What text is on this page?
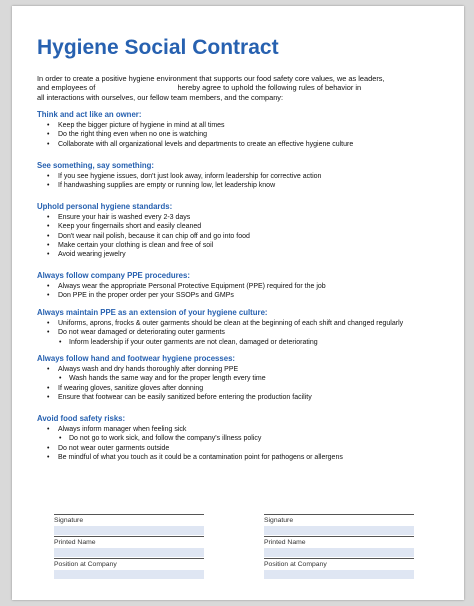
Hygiene Social Contract
In order to create a positive hygiene environment that supports our food safety core values, we as leaders,
and employees of	hereby agree to uphold the following rules of behavior in
all interactions with ourselves, our fellow team members, and the company:
Think and act like an owner:
• Keep the bigger picture of hygiene in mind at all times
• Do the right thing even when no one is watching
• Collaborate with all organizational levels and departments to create an effective hygiene culture
See something, say something:
• If you see hygiene issues, don't just look away, inform leadership for corrective action
• If handwashing supplies are empty or running low, let leadership know
Uphold personal hygiene standards:
• Ensure your hair is washed every 2-3 days
• Keep your fingernails short and easily cleaned
• Don't wear nail polish, because it can chip off and go into food
• Make certain your clothing is clean and free of soil
• Avoid wearing jewelry
Always follow company PPE procedures:
• Always wear the appropriate Personal Protective Equipment (PPE) required for the job
• Don PPE in the proper order per your SSOPs and GMPs
Always maintain PPE as an extension of your hygiene culture:
• Uniforms, aprons, frocks & outer garments should be clean at the beginning of each shift and changed regularly
• Do not wear damaged or deteriorating outer garments
• Inform leadership if your outer garments are not clean, damaged or deteriorating
Always follow hand and footwear hygiene processes:
• Always wash and dry hands thoroughly after donning PPE
• Wash hands the same way and for the proper length every time
• If wearing gloves, sanitize gloves after donning
• Ensure that footwear can be easily sanitized before entering the production facility
Avoid food safety risks:
• Always inform manager when feeling sick
• Do not go to work sick, and follow the company's illness policy
• Do not wear outer garments outside
• Be mindful of what you touch as it could be a contamination point for pathogens or allergens
Signature
Printed Name
Position at Company
Signature
Printed Name
Position at Company
